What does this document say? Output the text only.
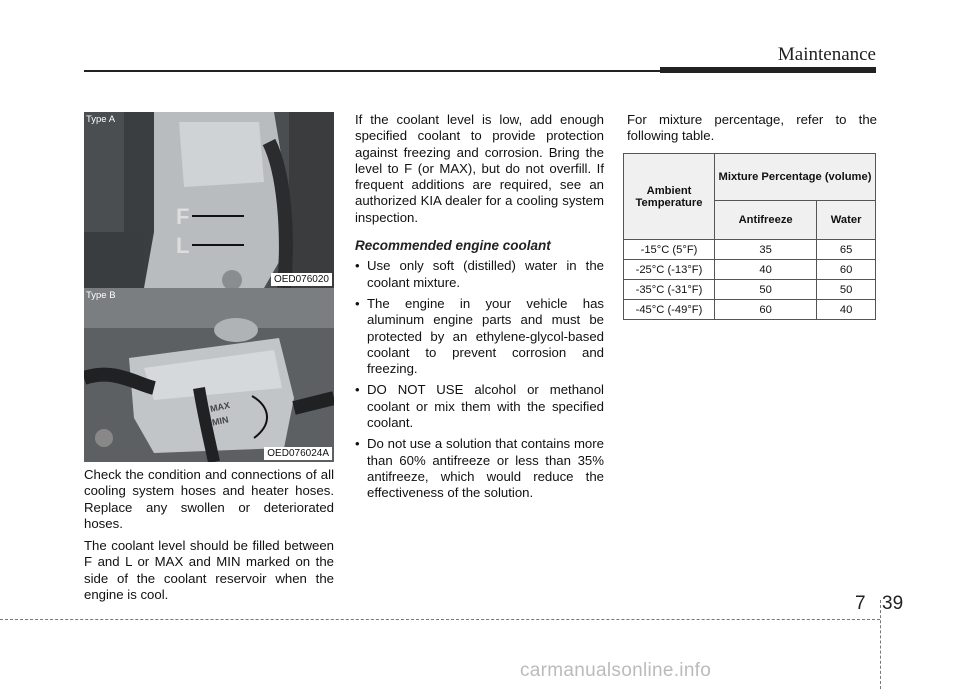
Maintenance
Type A
F
L
OED076020
Type B
MAX
MIN
OED076024A

Check the condition and connections of all cooling system hoses and heater hoses. Replace any swollen or deteriorated hoses.

The coolant level should be filled between F and L or MAX and MIN marked on the side of the coolant reservoir when the engine is cool.

If the coolant level is low, add enough specified coolant to provide protection against freezing and corrosion. Bring the level to F (or MAX), but do not overfill. If frequent additions are required, see an authorized KIA dealer for a cooling system inspection.

Recommended engine coolant
• Use only soft (distilled) water in the coolant mixture.
• The engine in your vehicle has aluminum engine parts and must be protected by an ethylene-glycol-based coolant to prevent corrosion and freezing.
• DO NOT USE alcohol or methanol coolant or mix them with the specified coolant.
• Do not use a solution that contains more than 60% antifreeze or less than 35% antifreeze, which would reduce the effectiveness of the solution.

For mixture percentage, refer to the following table.

Ambient Temperature	Mixture Percentage (volume)	
	Antifreeze	Water
-15°C (5°F)	35	65
-25°C (-13°F)	40	60
-35°C (-31°F)	50	50
-45°C (-49°F)	60	40
7 39
carmanualsonline.info
